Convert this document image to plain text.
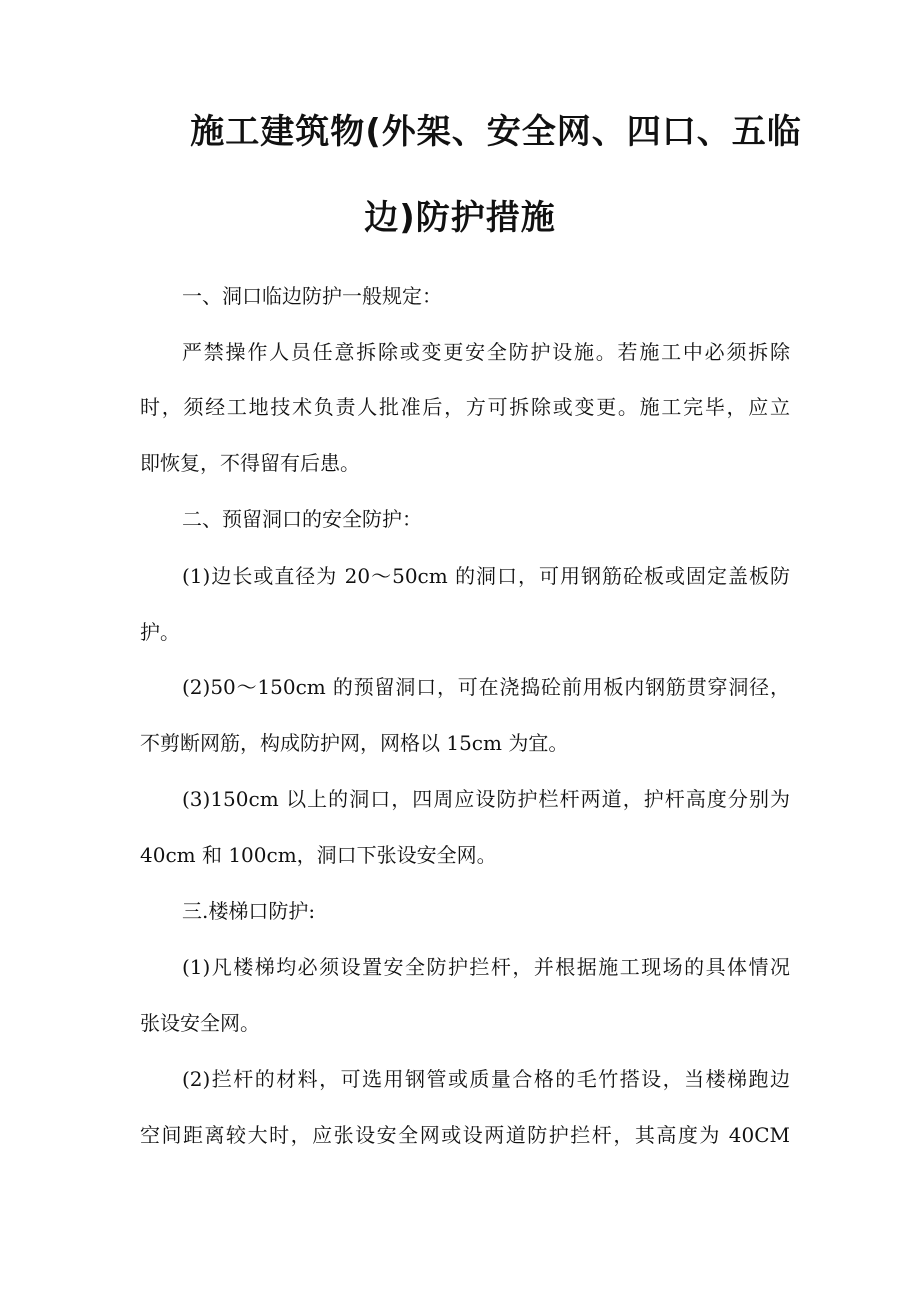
施工建筑物(外架、安全网、四口、五临
边)防护措施
一、洞口临边防护一般规定：
严禁操作人员任意拆除或变更安全防护设施。若施工中必须拆除
时，须经工地技术负责人批准后，方可拆除或变更。施工完毕，应立
即恢复，不得留有后患。
二、预留洞口的安全防护：
(1)边长或直径为 20～50cm 的洞口，可用钢筋砼板或固定盖板防
护。
(2)50～150cm 的预留洞口，可在浇捣砼前用板内钢筋贯穿洞径，
不剪断网筋，构成防护网，网格以 15cm 为宜。
(3)150cm 以上的洞口，四周应设防护栏杆两道，护杆高度分别为
40cm 和 100cm，洞口下张设安全网。
三.楼梯口防护:
(1)凡楼梯均必须设置安全防护拦杆，并根据施工现场的具体情况
张设安全网。
(2)拦杆的材料，可选用钢管或质量合格的毛竹搭设，当楼梯跑边
空间距离较大时，应张设安全网或设两道防护拦杆，其高度为 40CM
